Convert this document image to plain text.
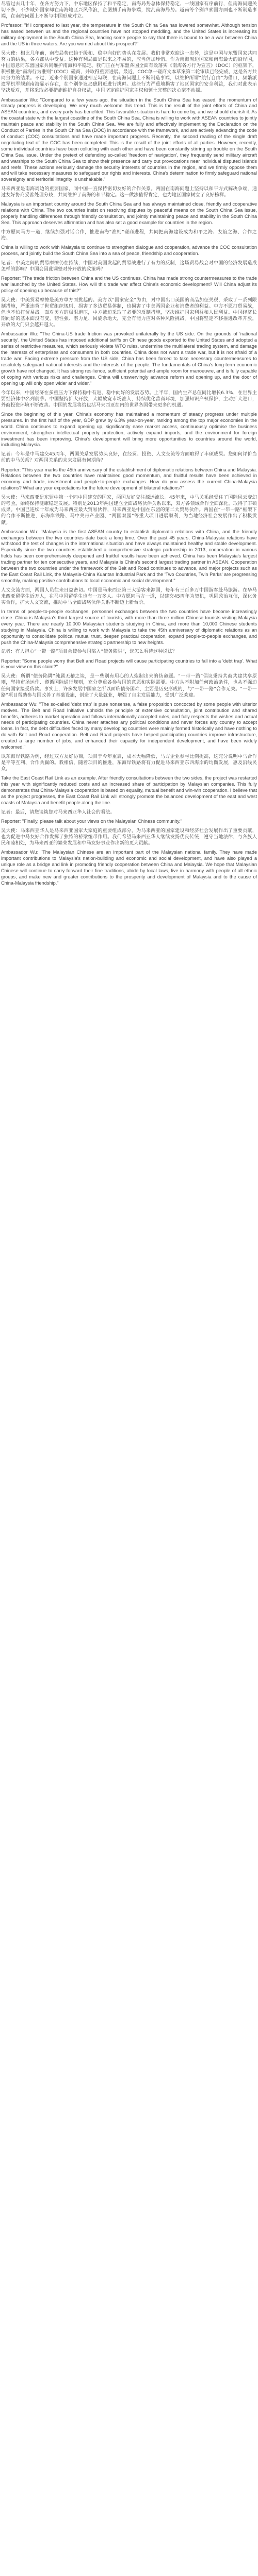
尽管过去几十年，在各方努力下，中东地区保持了和平稳定，南海局势总体保持稳定、一线国家有序前行，但南海问题关切不多，不少域外国家却在南海地区兴风作浪，企图插手南海争端，搅乱南海局势。越南等个别声索国方面也不断制造事端，在南海问题上不断与中国形成对立。

Professor: "If I compared to last year, the temperature in the South China Sea has lowered somewhat. Although tension has eased between us and the regional countries have not stopped meddling, and the United States is increasing its military deployment in the South China Sea, leading some people to say that there is bound to be a war between China and the US in three waters. Are you worried about this prospect?"

吴大使：相比几年前，南海局势已趋于缓和、稳中向好的势头在发展。我们非常欢迎这一态势，这是中国与东盟国家共同努力的结果，各方都从中受益。这种有利局面是以来之不易的，应当倍加珍惜。作为南海周边国家和南海最大的沿岸国，中国愿意同东盟国家共同维护南海和平稳定。我们正在与东盟各国全面有效落实《南海各方行为宣言》（DOC）的框架下，积极推进“南海行为准则”（COC）磋商，并取得重要进展。最近，COC单一磋商文本草案第二轮审读已经完成，这是各方共同努力的结果。不过，近来个别国家通过相互勾联，在南海问题上不断制造事端，以维护所谓“航行自由”为借口，频繁派遣军机军舰到南海显示存在，在个别争议岛礁附近进行挑衅。这些行为严重地损害了地区国家的安全利益，我们对此表示坚决反对，并将采取必要措施维护自身权益，中国坚定维护国家主权和领土完整的决心毫不动摇。

Ambassador Wu: "Compared to a few years ago, the situation in the South China Sea has eased, the momentum of steady progress is developing. We very much welcome this trend. This is the result of the joint efforts of China and ASEAN countries, and every party has benefited. This favorable situation is hard to come by, and we should cherish it. As the coastal state with the largest coastline of the South China Sea, China is willing to work with ASEAN countries to jointly maintain peace and stability in the South China Sea. We are fully and effectively implementing the Declaration on the Conduct of Parties in the South China Sea (DOC) in accordance with the framework, and are actively advancing the code of conduct (COC) consultations and have made important progress. Recently, the second reading of the single draft negotiating text of the COC has been completed. This is the result of the joint efforts of all parties. However, recently, some individual countries have been colluding with each other and have been constantly stirring up trouble on the South China Sea issue. Under the pretext of defending so-called 'freedom of navigation', they frequently send military aircraft and warships to the South China Sea to show their presence and carry out provocations near individual disputed islands and reefs. These actions seriously damage the security interests of countries in the region, and we firmly oppose them and will take necessary measures to safeguard our rights and interests. China's determination to firmly safeguard national sovereignty and territorial integrity is unshakable."

马来西亚是南海周边的重要国家，同中国一直保持密切友好的合作关系。两国在南海问题上坚持以和平方式解决争端，通过友好协商妥善处理分歧，共同维护了南海的和平稳定。这一做法值得肯定，也为地区国家树立了良好榜样。

Malaysia is an important country around the South China Sea and has always maintained close, friendly and cooperative relations with China. The two countries insist on resolving disputes by peaceful means on the South China Sea issue, properly handling differences through friendly consultation, and jointly maintaining peace and stability in the South China Sea. This approach deserves affirmation and has also set a good example for countries in the region.

中方愿同马方一道，继续加强对话合作，推进南海“准则”磋商进程，共同把南海建设成为和平之海、友谊之海、合作之海。

China is willing to work with Malaysia to continue to strengthen dialogue and cooperation, advance the COC consultation process, and jointly build the South China Sea into a sea of peace, friendship and cooperation.

记者：中美之间的贸易摩擦仍在持续，中国对美国发起的贸易战进行了有力的反制，这场贸易战会对中国的经济发展造成怎样的影响？中国会因此调整对外开放的政策吗？

Reporter: "The trade friction between China and the US continues. China has made strong countermeasures to the trade war launched by the United States. How will this trade war affect China's economic development? Will China adjust its policy of opening up because of this?"

吴大使：中美贸易摩擦是美方单方面挑起的。美方以“国家安全”为由，对中国出口美国的商品加征关税，采取了一系列限制措施，严重违背了世贸组织规则，损害了多边贸易体制，也损害了中美两国企业和消费者的利益。中方不愿打贸易战，但也不怕打贸易战。面对美方的极限施压，中方被迫采取了必要的反制措施，坚决维护国家利益和人民利益。中国经济长期向好的基本面没有变，韧性强、潜力足、回旋余地大，完全有能力应对各种风险挑战。中国将坚定不移推进改革开放，开放的大门只会越开越大。

Ambassador Wu: "The China-US trade friction was provoked unilaterally by the US side. On the grounds of 'national security', the United States has imposed additional tariffs on Chinese goods exported to the United States and adopted a series of restrictive measures, which seriously violate WTO rules, undermine the multilateral trading system, and damage the interests of enterprises and consumers in both countries. China does not want a trade war, but it is not afraid of a trade war. Facing extreme pressure from the US side, China has been forced to take necessary countermeasures to resolutely safeguard national interests and the interests of the people. The fundamentals of China's long-term economic growth have not changed. It has strong resilience, sufficient potential and ample room for manoeuvre, and is fully capable of coping with various risks and challenges. China will unswervingly advance reform and opening up, and the door of opening up will only open wider and wider."

今年以来，中国经济在多重压力下保持稳中有进、稳中向好的发展态势。上半年，国内生产总值同比增长6.3%，在世界主要经济体中名列前茅。中国坚持扩大开放，大幅放宽市场准入，持续优化营商环境，加强知识产权保护，主动扩大进口，外商投资环境不断改善。中国的发展将给包括马来西亚在内的世界各国带来更多的机遇。

Since the beginning of this year, China's economy has maintained a momentum of steady progress under multiple pressures. In the first half of the year, GDP grew by 6.3% year-on-year, ranking among the top major economies in the world. China continues to expand opening up, significantly ease market access, continuously optimise the business environment, strengthen intellectual property protection, actively expand imports, and the environment for foreign investment has been improving. China's development will bring more opportunities to countries around the world, including Malaysia.

记者：今年是中马建交45周年，两国关系发展势头良好，在经贸、投资、人文交流等方面取得了丰硕成果。您如何评价当前的中马关系？对两国关系的未来发展有何期待？

Reporter: "This year marks the 45th anniversary of the establishment of diplomatic relations between China and Malaysia. Relations between the two countries have maintained good momentum, and fruitful results have been achieved in economy and trade, investment and people-to-people exchanges. How do you assess the current China-Malaysia relations? What are your expectations for the future development of bilateral relations?"

吴大使：马来西亚是东盟中第一个同中国建交的国家，两国友好交往源远流长。45年来，中马关系经受住了国际风云变幻的考验，始终保持健康稳定发展。特别是2013年两国建立全面战略伙伴关系以来，双方各领域合作全面深化，取得了丰硕成果。中国已连续十年成为马来西亚最大贸易伙伴，马来西亚是中国在东盟的第二大贸易伙伴。两国在“一带一路”框架下的合作不断推进，东海岸铁路、马中关丹产业园、“两国双园”等重大项目进展顺利，为当地经济社会发展作出了积极贡献。

Ambassador Wu: "Malaysia is the first ASEAN country to establish diplomatic relations with China, and the friendly exchanges between the two countries date back a long time. Over the past 45 years, China-Malaysia relations have withstood the test of changes in the international situation and have always maintained healthy and stable development. Especially since the two countries established a comprehensive strategic partnership in 2013, cooperation in various fields has been comprehensively deepened and fruitful results have been achieved. China has been Malaysia's largest trading partner for ten consecutive years, and Malaysia is China's second largest trading partner in ASEAN. Cooperation between the two countries under the framework of the Belt and Road continues to advance, and major projects such as the East Coast Rail Link, the Malaysia-China Kuantan Industrial Park and the 'Two Countries, Twin Parks' are progressing smoothly, making positive contributions to local economic and social development."

人文交流方面，两国人员往来日益密切。中国是马来西亚第三大游客来源国，每年有三百多万中国游客赴马旅游。在华马来西亚留学生近万人，在马中国留学生也有一万多人。中方愿同马方一道，以建交45周年为契机，巩固政治互信，深化务实合作，扩大人文交流，推动中马全面战略伙伴关系不断迈上新台阶。

In terms of people-to-people exchanges, personnel exchanges between the two countries have become increasingly close. China is Malaysia's third largest source of tourists, with more than three million Chinese tourists visiting Malaysia every year. There are nearly 10,000 Malaysian students studying in China, and more than 10,000 Chinese students studying in Malaysia. China is willing to work with Malaysia to take the 45th anniversary of diplomatic relations as an opportunity to consolidate political mutual trust, deepen practical cooperation, expand people-to-people exchanges, and push the China-Malaysia comprehensive strategic partnership to new heights.

记者：有人担心“一带一路”项目会使参与国陷入“债务陷阱”，您怎么看待这种说法？

Reporter: "Some people worry that Belt and Road projects will cause participating countries to fall into a 'debt trap'. What is your view on this claim?"

吴大使：所谓“债务陷阱”纯属无稽之谈，是一些别有用心的人炮制出来的伪命题。“一带一路”倡议秉持共商共建共享原则，坚持市场运作、遵循国际通行规则，充分尊重各参与国的意愿和实际需要。中方从不附加任何政治条件，也从不强迫任何国家接受贷款。事实上，许多发展中国家之所以面临债务困难，主要是历史形成的，与“一带一路”合作无关。“一带一路”项目帮助参与国改善了基础设施，创造了大量就业，增强了自主发展能力，受到广泛欢迎。

Ambassador Wu: "The so-called 'debt trap' is pure nonsense, a false proposition concocted by some people with ulterior motives. The Belt and Road Initiative upholds the principle of extensive consultation, joint contribution and shared benefits, adheres to market operation and follows internationally accepted rules, and fully respects the wishes and actual needs of participating countries. China never attaches any political conditions and never forces any country to accept loans. In fact, the debt difficulties faced by many developing countries were mainly formed historically and have nothing to do with Belt and Road cooperation. Belt and Road projects have helped participating countries improve infrastructure, created a large number of jobs, and enhanced their capacity for independent development, and have been widely welcomed."

以东海岸铁路为例，经过双方友好协商，项目于今年重启，成本大幅降低，马方企业参与比例提高，这充分说明中马合作是平等互利、合作共赢的。我相信，随着项目的推进，东海岸铁路将有力促进马来西亚东西海岸的均衡发展，惠及沿线民众。

Take the East Coast Rail Link as an example. After friendly consultations between the two sides, the project was restarted this year with significantly reduced costs and an increased share of participation by Malaysian companies. This fully demonstrates that China-Malaysia cooperation is based on equality, mutual benefit and win-win cooperation. I believe that as the project progresses, the East Coast Rail Link will strongly promote the balanced development of the east and west coasts of Malaysia and benefit people along the line.

记者：最后，请您谈谈您对马来西亚华人社会的看法。

Reporter: "Finally, please talk about your views on the Malaysian Chinese community."

吴大使：马来西亚华人是马来西亚国家大家庭的重要组成部分，为马来西亚的国家建设和经济社会发展作出了重要贡献，也为促进中马友好合作发挥了独特的桥梁纽带作用。我们希望马来西亚华人继续发扬优良传统，遵守当地法律，与各族人民和睦相处，为马来西亚的繁荣发展和中马友好事业作出新的更大贡献。

Ambassador Wu: "The Malaysian Chinese are an important part of the Malaysian national family. They have made important contributions to Malaysia's nation-building and economic and social development, and have also played a unique role as a bridge and link in promoting friendly cooperation between China and Malaysia. We hope that Malaysian Chinese will continue to carry forward their fine traditions, abide by local laws, live in harmony with people of all ethnic groups, and make new and greater contributions to the prosperity and development of Malaysia and to the cause of China-Malaysia friendship."
